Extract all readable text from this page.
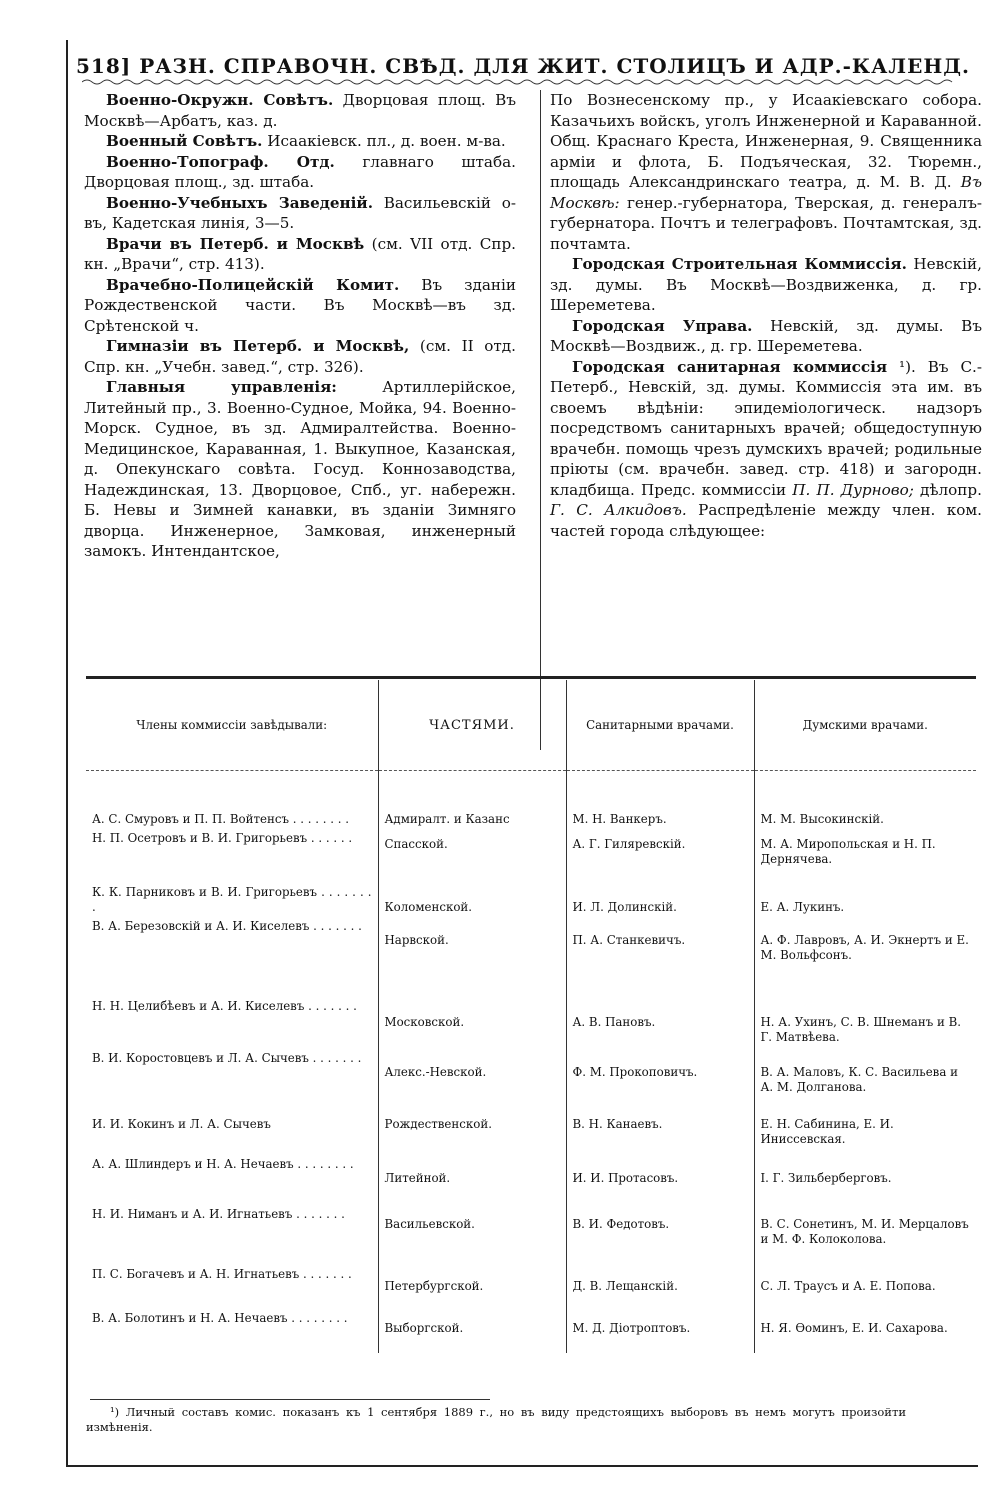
518] РАЗН. СПРАВОЧН. СВѢД. ДЛЯ ЖИТ. СТОЛИЦЪ И АДР.-КАЛЕНД.

Военно-Окружн. Совѣтъ. Дворцовая площ. Въ Москвѣ—Арбатъ, каз. д.

Военный Совѣтъ. Исаакіевск. пл., д. воен. м-ва.

Военно-Топограф. Отд. главнаго штаба. Дворцовая площ., зд. штаба.

Военно-Учебныхъ Заведеній. Васильевскій о-въ, Кадетская линія, 3—5.

Врачи въ Петерб. и Москвѣ (см. VII отд. Спр. кн. „Врачи“, стр. 413).

Врачебно-Полицейскій Комит. Въ зданіи Рождественской части. Въ Москвѣ—въ зд. Срѣтенской ч.

Гимназіи въ Петерб. и Москвѣ, (см. II отд. Спр. кн. „Учебн. завед.“, стр. 326).

Главныя управленія: Артиллерійское, Литейный пр., 3. Военно-Судное, Мойка, 94. Военно-Морск. Судное, въ зд. Адмиралтейства. Военно-Медицинское, Караванная, 1. Выкупное, Казанская, д. Опекунскаго совѣта. Госуд. Коннозаводства, Надеждинская, 13. Дворцовое, Спб., уг. набережн. Б. Невы и Зимней канавки, въ зданіи Зимняго дворца. Инженерное, Замковая, инженерный замокъ. Интендантское,

По Вознесенскому пр., у Исаакіевскаго собора. Казачьихъ войскъ, уголъ Инженерной и Караванной. Общ. Краснаго Креста, Инженерная, 9. Священника арміи и флота, Б. Подъяческая, 32. Тюремн., площадь Александринскаго театра, д. М. В. Д. Въ Москвѣ: генер.-губернатора, Тверская, д. генералъ-губернатора. Почтъ и телеграфовъ. Почтамтская, зд. почтамта.

Городская Строительная Коммиссія. Невскій, зд. думы. Въ Москвѣ—Воздвиженка, д. гр. Шереметева.

Городская Управа. Невскій, зд. думы. Въ Москвѣ—Воздвиж., д. гр. Шереметева.

Городская санитарная коммиссія ¹). Въ С.-Петерб., Невскій, зд. думы. Коммиссія эта им. въ своемъ вѣдѣніи: эпидеміологическ. надзоръ посредствомъ санитарныхъ врачей; общедоступную врачебн. помощь чрезъ думскихъ врачей; родильные пріюты (см. врачебн. завед. стр. 418) и загородн. кладбища. Предс. коммиссіи П. П. Дурново; дѣлопр. Г. С. Алкидовъ. Распредѣленіе между член. ком. частей города слѣдующее:

Члены коммиссіи завѣдывали:	ЧАСТЯМИ.	Санитарными врачами.	Думскими врачами.

А. С. Смуровъ и П. П. Войтенсъ . . . . . . . .	Адмиралт. и Казанс	М. Н. Ванкеръ.	М. М. Высокинскій.
Н. П. Осетровъ и В. И. Григорьевъ . . . . . .	Спасской.	А. Г. Гиляревскій.	М. А. Миропольская и Н. П. Дернячева.
К. К. Парниковъ и В. И. Григорьевъ . . . . . . . .	Коломенской.	И. Л. Долинскій.	Е. А. Лукинъ.
В. А. Березовскій и А. И. Киселевъ . . . . . . .	Нарвской.	П. А. Станкевичъ.	А. Ф. Лавровъ, А. И. Экнертъ и Е. М. Вольфсонъ.
Н. Н. Целибѣевъ и А. И. Киселевъ . . . . . . .	Московской.	А. В. Пановъ.	Н. А. Ухинъ, С. В. Шнеманъ и В. Г. Матвѣева.
В. И. Коростовцевъ и Л. А. Сычевъ . . . . . . .	Алекс.-Невской.	Ф. М. Прокоповичъ.	В. А. Маловъ, К. С. Васильева и А. М. Долганова.
И. И. Кокинъ и Л. А. Сычевъ	Рождественской.	В. Н. Канаевъ.	Е. Н. Сабинина, Е. И. Иниссевская.
А. А. Шлиндеръ и Н. А. Нечаевъ . . . . . . . .	Литейной.	И. И. Протасовъ.	I. Г. Зильберберговъ.
Н. И. Ниманъ и А. И. Игнатьевъ . . . . . . .	Васильевской.	В. И. Федотовъ.	В. С. Сонетинъ, М. И. Мерцаловъ и М. Ф. Колоколова.
П. С. Богачевъ и А. Н. Игнатьевъ . . . . . . .	Петербургской.	Д. В. Лещанскій.	С. Л. Траусъ и А. Е. Попова.
В. А. Болотинъ и Н. А. Нечаевъ . . . . . . . .	Выборгской.	М. Д. Діотроптовъ.	Н. Я. Ѳоминъ, Е. И. Сахарова.
¹) Личный составъ комис. показанъ къ 1 сентября 1889 г., но въ виду предстоящихъ выборовъ въ немъ могутъ произойти измѣненія.
